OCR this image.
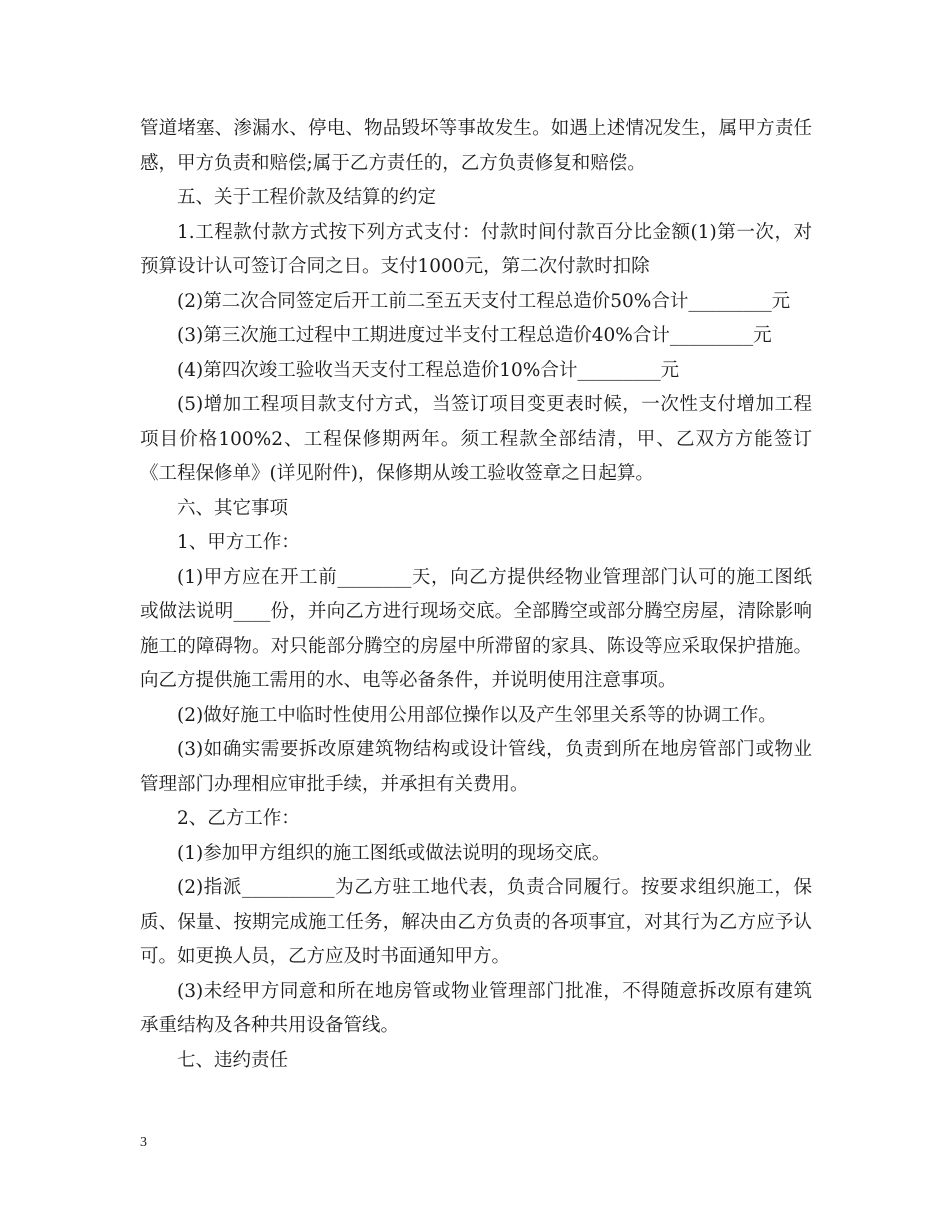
管道堵塞、渗漏水、停电、物品毁坏等事故发生。如遇上述情况发生，属甲方责任感，甲方负责和赔偿;属于乙方责任的，乙方负责修复和赔偿。

五、关于工程价款及结算的约定

1.工程款付款方式按下列方式支付：付款时间付款百分比金额(1)第一次，对预算设计认可签订合同之日。支付1000元，第二次付款时扣除

(2)第二次合同签定后开工前二至五天支付工程总造价50%合计_________元

(3)第三次施工过程中工期进度过半支付工程总造价40%合计_________元

(4)第四次竣工验收当天支付工程总造价10%合计_________元

(5)增加工程项目款支付方式，当签订项目变更表时候，一次性支付增加工程项目价格100%2、工程保修期两年。须工程款全部结清，甲、乙双方方能签订《工程保修单》(详见附件)，保修期从竣工验收签章之日起算。

六、其它事项

1、甲方工作：

(1)甲方应在开工前________天，向乙方提供经物业管理部门认可的施工图纸或做法说明____份，并向乙方进行现场交底。全部腾空或部分腾空房屋，清除影响施工的障碍物。对只能部分腾空的房屋中所滞留的家具、陈设等应采取保护措施。向乙方提供施工需用的水、电等必备条件，并说明使用注意事项。

(2)做好施工中临时性使用公用部位操作以及产生邻里关系等的协调工作。

(3)如确实需要拆改原建筑物结构或设计管线，负责到所在地房管部门或物业管理部门办理相应审批手续，并承担有关费用。

2、乙方工作：

(1)参加甲方组织的施工图纸或做法说明的现场交底。

(2)指派__________为乙方驻工地代表，负责合同履行。按要求组织施工，保质、保量、按期完成施工任务，解决由乙方负责的各项事宜，对其行为乙方应予认可。如更换人员，乙方应及时书面通知甲方。

(3)未经甲方同意和所在地房管或物业管理部门批准，不得随意拆改原有建筑承重结构及各种共用设备管线。

七、违约责任

3
